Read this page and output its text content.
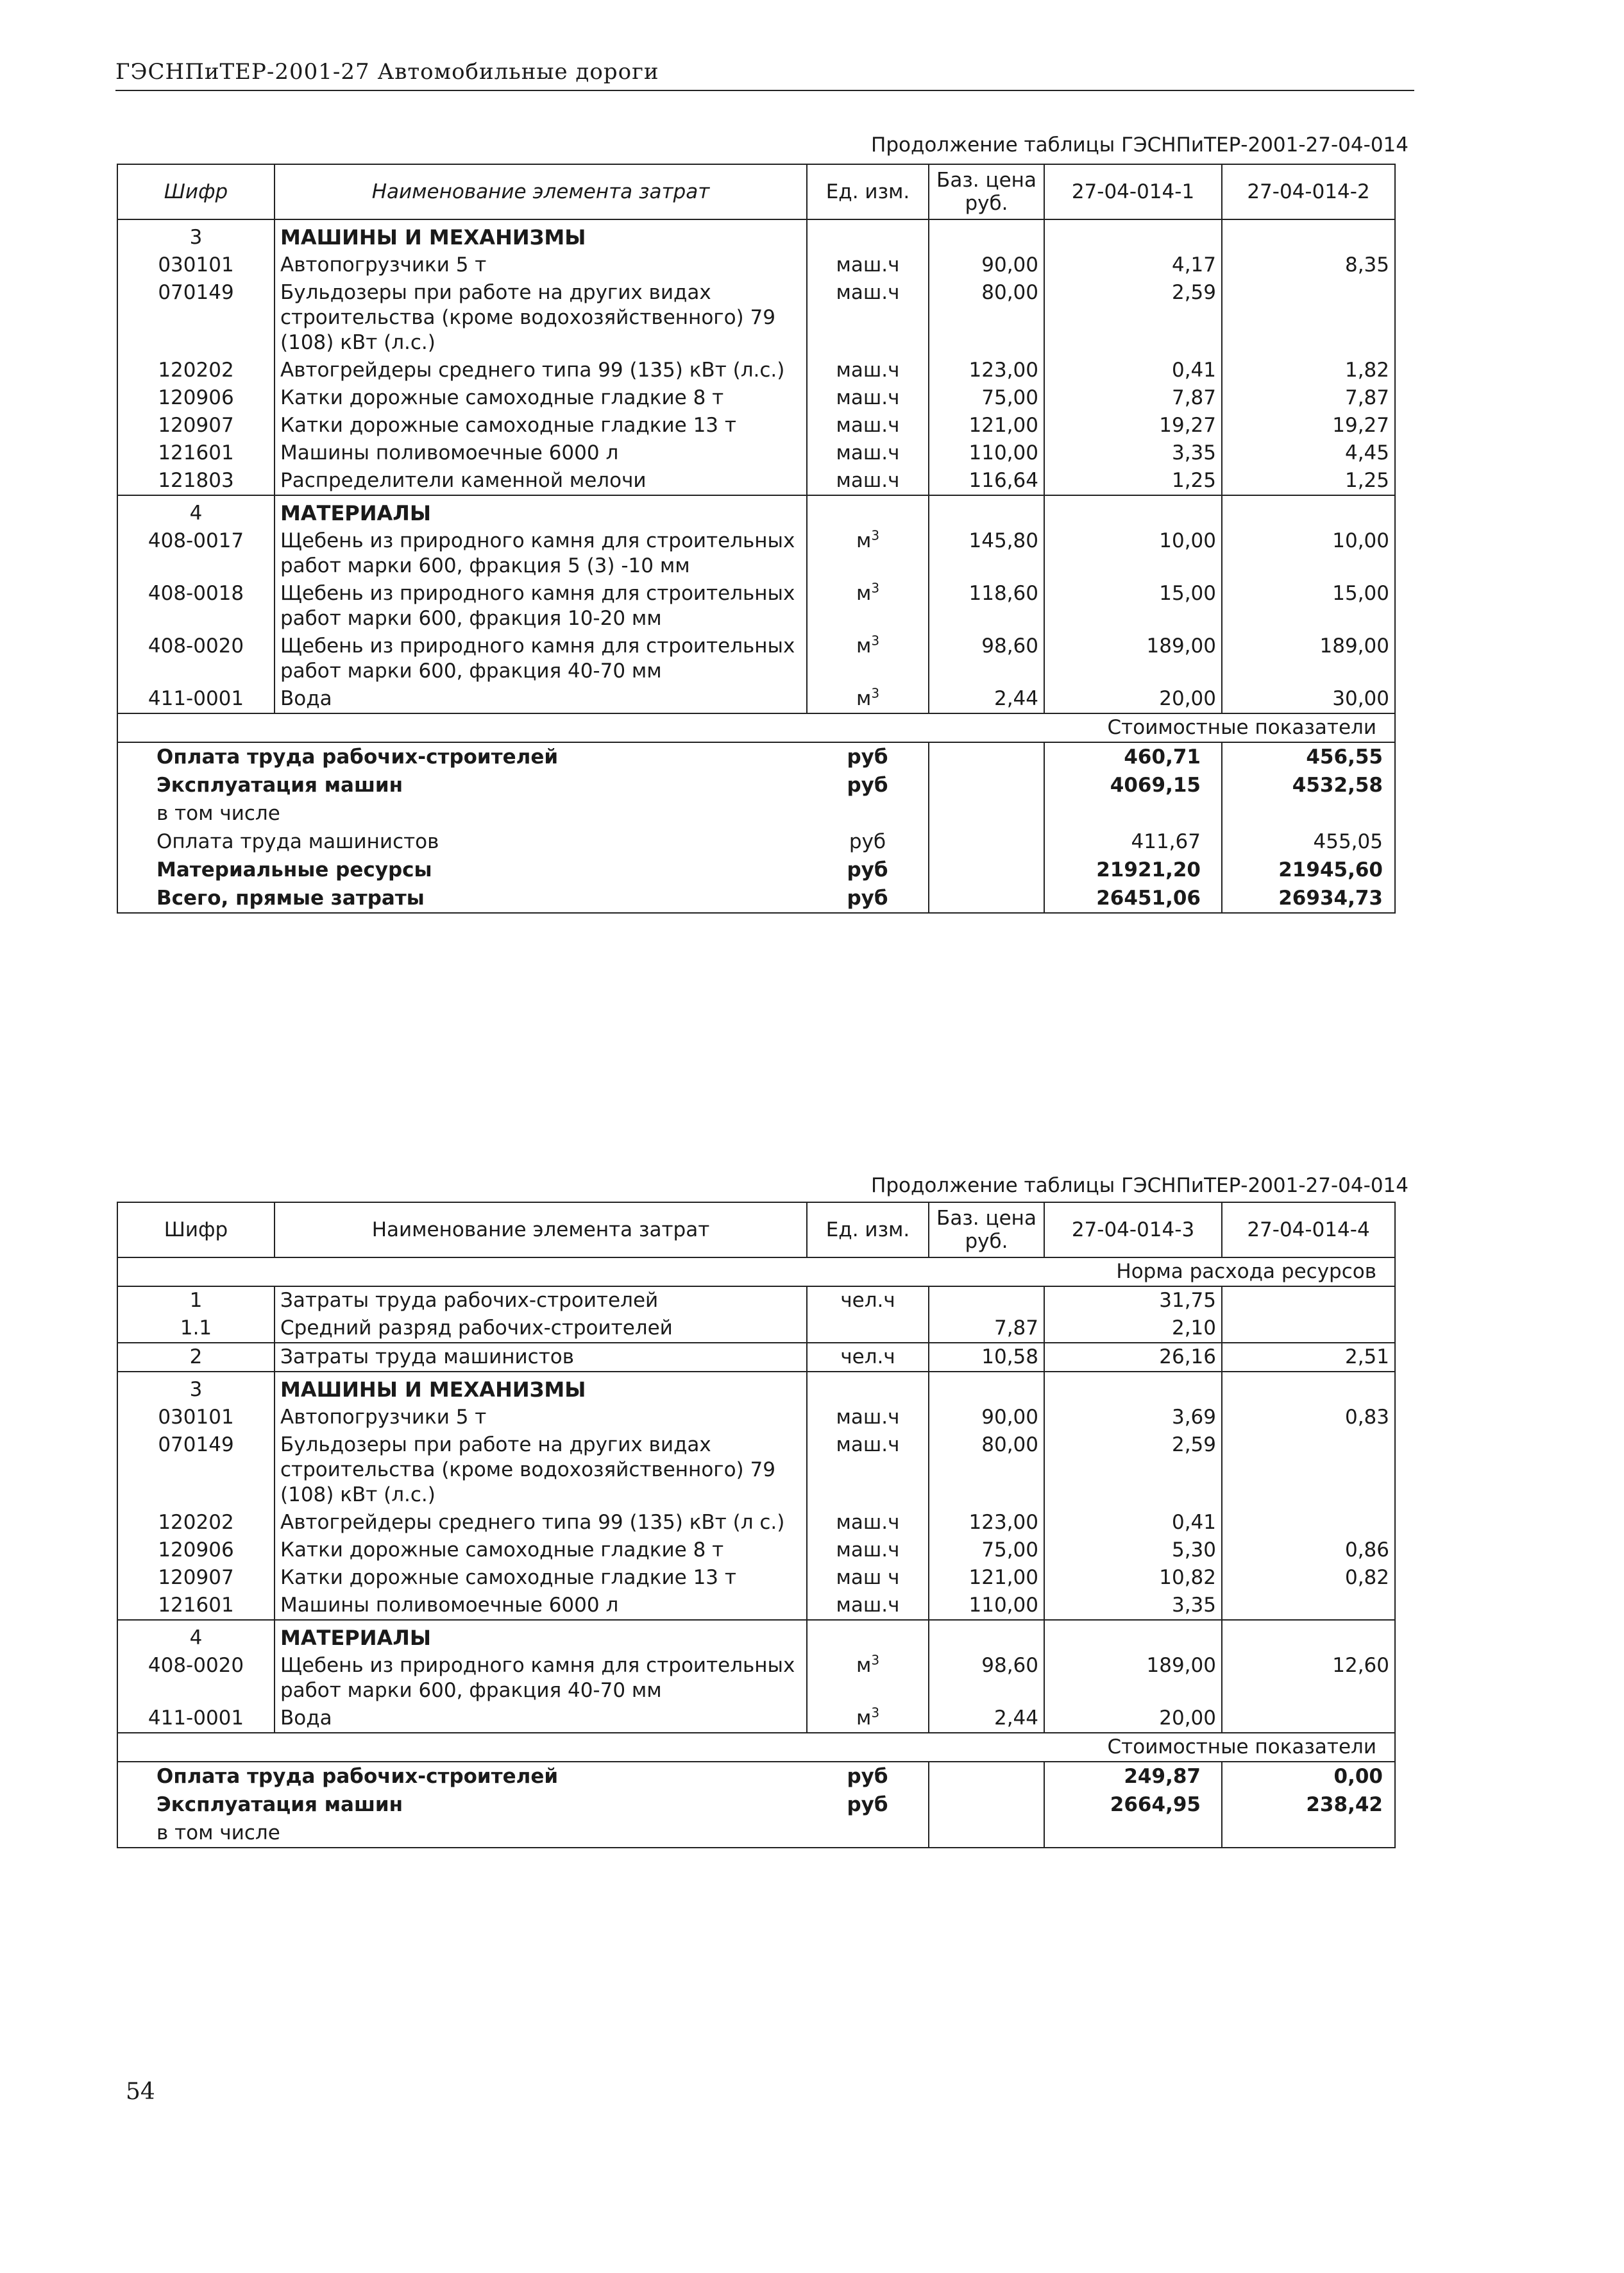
ГЭСНПиТЕР-2001-27 Автомобильные дороги
Продолжение таблицы ГЭСНПиТЕР-2001-27-04-014
Шифр	Наименование элемента затрат	Ед. изм.	Баз. цена руб.	27-04-014-1	27-04-014-2
3	МАШИНЫ И МЕХАНИЗМЫ				
030101	Автопогрузчики 5 т	маш.ч	90,00	4,17	8,35
070149	Бульдозеры при работе на других видах строительства (кроме водохозяйственного) 79 (108) кВт (л.с.)	маш.ч	80,00	2,59	
120202	Автогрейдеры среднего типа 99 (135) кВт (л.с.)	маш.ч	123,00	0,41	1,82
120906	Катки дорожные самоходные гладкие 8 т	маш.ч	75,00	7,87	7,87
120907	Катки дорожные самоходные гладкие 13 т	маш.ч	121,00	19,27	19,27
121601	Машины поливомоечные 6000 л	маш.ч	110,00	3,35	4,45
121803	Распределители каменной мелочи	маш.ч	116,64	1,25	1,25
4	МАТЕРИАЛЫ				
408-0017	Щебень из природного камня для строительных работ марки 600, фракция 5 (3) -10 мм	$м^3$	145,80	10,00	10,00
408-0018	Щебень из природного камня для строительных работ марки 600, фракция 10-20 мм	$м^3$	118,60	15,00	15,00
408-0020	Щебень из природного камня для строительных работ марки 600, фракция 40-70 мм	$м^3$	98,60	189,00	189,00
411-0001	Вода	$м^3$	2,44	20,00	30,00
Стоимостные показатели					
Оплата труда рабочих-строителей		руб		460,71	456,55
Эксплуатация машин		руб		4069,15	4532,58
в том числе					
Оплата труда машинистов		руб		411,67	455,05
Материальные ресурсы		руб		21921,20	21945,60
Всего, прямые затраты		руб		26451,06	26934,73
Продолжение таблицы ГЭСНПиТЕР-2001-27-04-014
Шифр	Наименование элемента затрат	Ед. изм.	Баз. цена руб.	27-04-014-3	27-04-014-4
Норма расхода ресурсов					
1	Затраты труда рабочих-строителей	чел.ч		31,75	
1.1	Средний разряд рабочих-строителей		7,87	2,10	
2	Затраты труда машинистов	чел.ч	10,58	26,16	2,51
3	МАШИНЫ И МЕХАНИЗМЫ				
030101	Автопогрузчики 5 т	маш.ч	90,00	3,69	0,83
070149	Бульдозеры при работе на других видах строительства (кроме водохозяйственного) 79 (108) кВт (л.с.)	маш.ч	80,00	2,59	
120202	Автогрейдеры среднего типа 99 (135) кВт (л с.)	маш.ч	123,00	0,41	
120906	Катки дорожные самоходные гладкие 8 т	маш.ч	75,00	5,30	0,86
120907	Катки дорожные самоходные гладкие 13 т	маш ч	121,00	10,82	0,82
121601	Машины поливомоечные 6000 л	маш.ч	110,00	3,35	
4	МАТЕРИАЛЫ				
408-0020	Щебень из природного камня для строительных работ марки 600, фракция 40-70 мм	$м^3$	98,60	189,00	12,60
411-0001	Вода	$м^3$	2,44	20,00	
Стоимостные показатели					
Оплата труда рабочих-строителей		руб		249,87	0,00
Эксплуатация машин		руб		2664,95	238,42
в том числе					
54
